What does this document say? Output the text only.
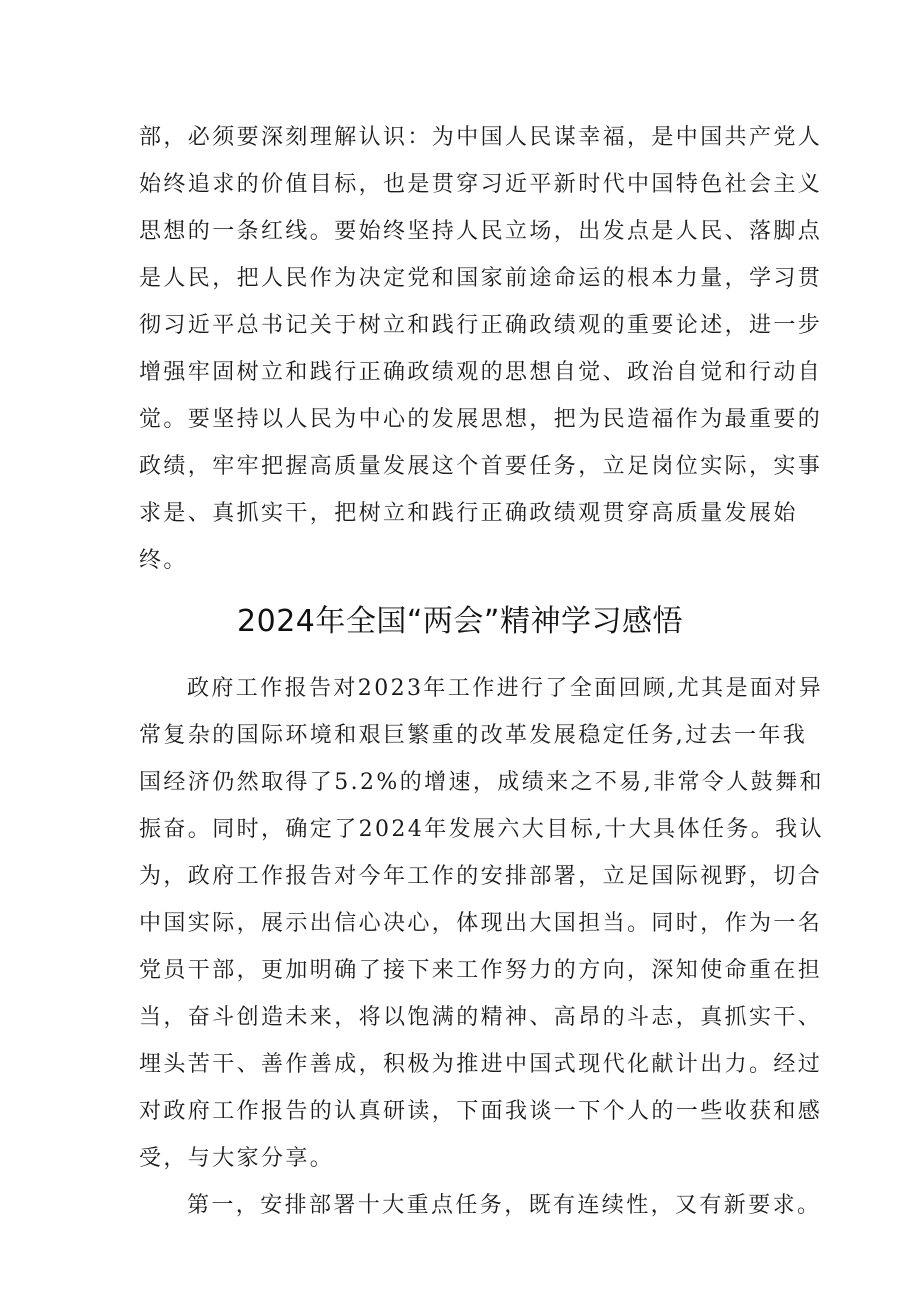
部，必须要深刻理解认识：为中国人民谋幸福，是中国共产党人
始终追求的价值目标，也是贯穿习近平新时代中国特色社会主义
思想的一条红线。要始终坚持人民立场，出发点是人民、落脚点
是人民，把人民作为决定党和国家前途命运的根本力量，学习贯
彻习近平总书记关于树立和践行正确政绩观的重要论述，进一步
增强牢固树立和践行正确政绩观的思想自觉、政治自觉和行动自
觉。要坚持以人民为中心的发展思想，把为民造福作为最重要的
政绩，牢牢把握高质量发展这个首要任务，立足岗位实际，实事
求是、真抓实干，把树立和践行正确政绩观贯穿高质量发展始
终。
2024年全国“两会”精神学习感悟
政府工作报告对2023年工作进行了全面回顾,尤其是面对异
常复杂的国际环境和艰巨繁重的改革发展稳定任务,过去一年我
国经济仍然取得了5.2%的增速，成绩来之不易,非常令人鼓舞和
振奋。同时，确定了2024年发展六大目标,十大具体任务。我认
为，政府工作报告对今年工作的安排部署，立足国际视野，切合
中国实际，展示出信心决心，体现出大国担当。同时，作为一名
党员干部，更加明确了接下来工作努力的方向，深知使命重在担
当，奋斗创造未来，将以饱满的精神、高昂的斗志，真抓实干、
埋头苦干、善作善成，积极为推进中国式现代化献计出力。经过
对政府工作报告的认真研读，下面我谈一下个人的一些收获和感
受，与大家分享。
第一，安排部署十大重点任务，既有连续性，又有新要求。
